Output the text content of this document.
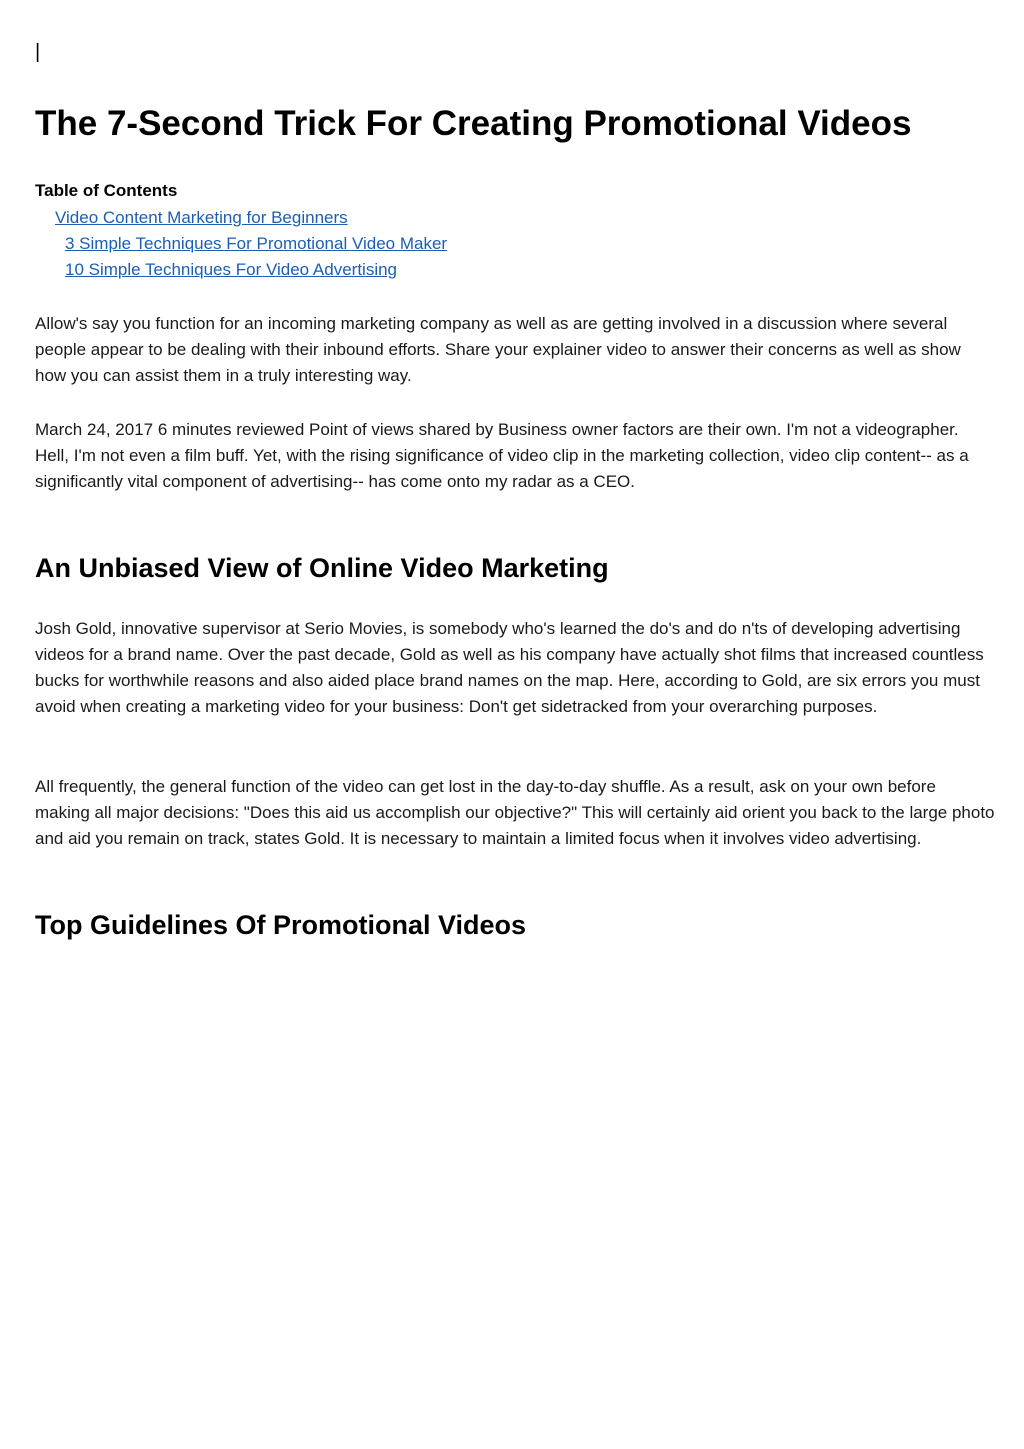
|
The 7-Second Trick For Creating Promotional Videos
Table of Contents
Video Content Marketing for Beginners
3 Simple Techniques For Promotional Video Maker
10 Simple Techniques For Video Advertising

Allow's say you function for an incoming marketing company as well as are getting involved in a discussion where several people appear to be dealing with their inbound efforts. Share your explainer video to answer their concerns as well as show how you can assist them in a truly interesting way.

March 24, 2017 6 minutes reviewed Point of views shared by Business owner factors are their own. I'm not a videographer. Hell, I'm not even a film buff. Yet, with the rising significance of video clip in the marketing collection, video clip content-- as a significantly vital component of advertising-- has come onto my radar as a CEO.

An Unbiased View of Online Video Marketing

Josh Gold, innovative supervisor at Serio Movies, is somebody who's learned the do's and do n'ts of developing advertising videos for a brand name. Over the past decade, Gold as well as his company have actually shot films that increased countless bucks for worthwhile reasons and also aided place brand names on the map. Here, according to Gold, are six errors you must avoid when creating a marketing video for your business: Don't get sidetracked from your overarching purposes.

All frequently, the general function of the video can get lost in the day-to-day shuffle. As a result, ask on your own before making all major decisions: "Does this aid us accomplish our objective?" This will certainly aid orient you back to the large photo and aid you remain on track, states Gold. It is necessary to maintain a limited focus when it involves video advertising.

Top Guidelines Of Promotional Videos
